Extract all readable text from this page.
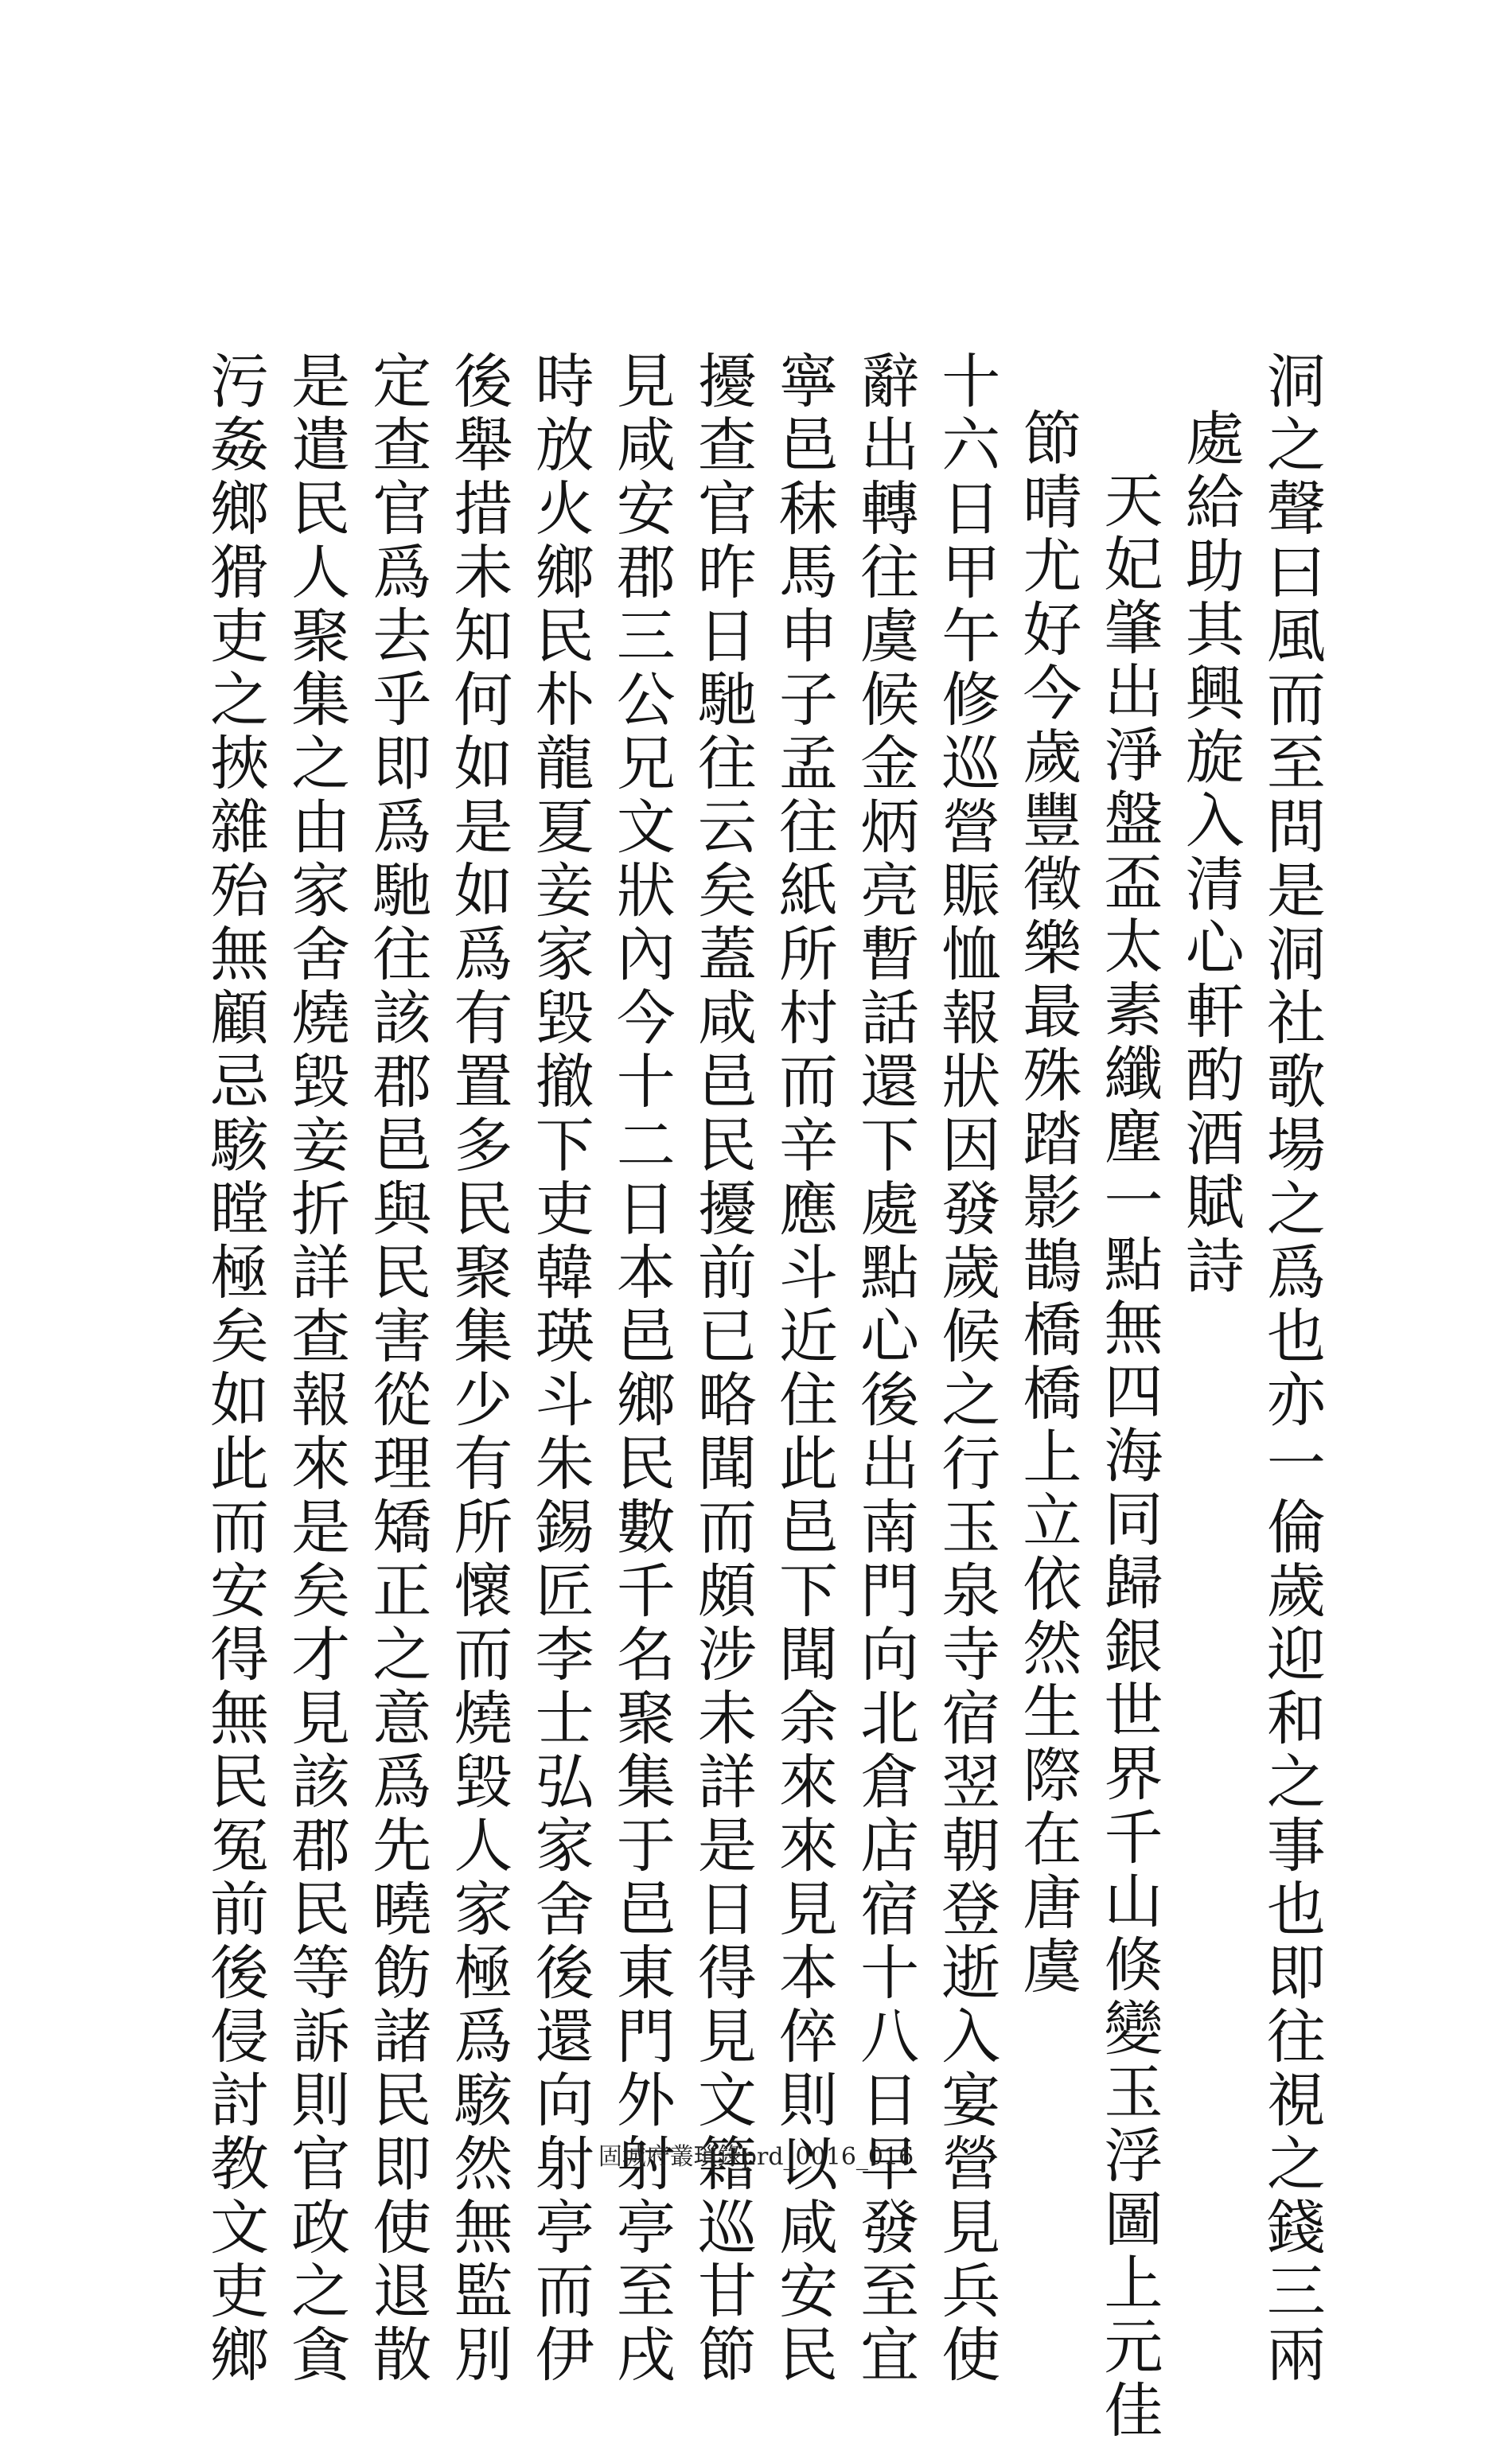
洞之聲曰風而至問是洞社歌場之爲也亦一倫歲迎和之事也即往視之錢三兩
處給助其興旋入清心軒酌酒賦詩
天妃肇出淨盤盃太素纖塵一點無四海同歸銀世界千山倏變玉浮圖上元佳
節晴尤好今歲豐徵樂最殊踏影鵲橋橋上立依然生際在唐虞
十六日甲午修巡營賑恤報狀因發歲候之行玉泉寺宿翌朝登逝入宴營見兵使
辭出轉往虞候金炳亮暫話還下處點心後出南門向北倉店宿十八日早發至宜
寧邑秣馬申子孟往紙所村而辛應斗近住此邑下聞余來來見本倅則以咸安民
擾查官昨日馳往云矣蓋咸邑民擾前已略聞而頗涉未詳是日得見文籍巡甘節
見咸安郡三公兄文狀內今十二日本邑鄉民數千名聚集于邑東門外射亭至戌
時放火鄉民朴龍夏妾家毀撤下吏韓瑛斗朱錫匠李士弘家舍後還向射亭而伊
後舉措未知何如是如爲有置多民聚集少有所懷而燒毀人家極爲駭然無監別
定查官爲去乎即爲馳往該郡邑與民害從理矯正之意爲先曉飭諸民即使退散
是遣民人聚集之由家舍燒毀妾折詳查報來是矣才見該郡民等訴則官政之貪
污姦鄉猾吏之挾雜殆無顧忌駭瞠極矣如此而安得無民冤前後侵討教文吏鄉	固城府叢𤨏錄prd_0016_016
